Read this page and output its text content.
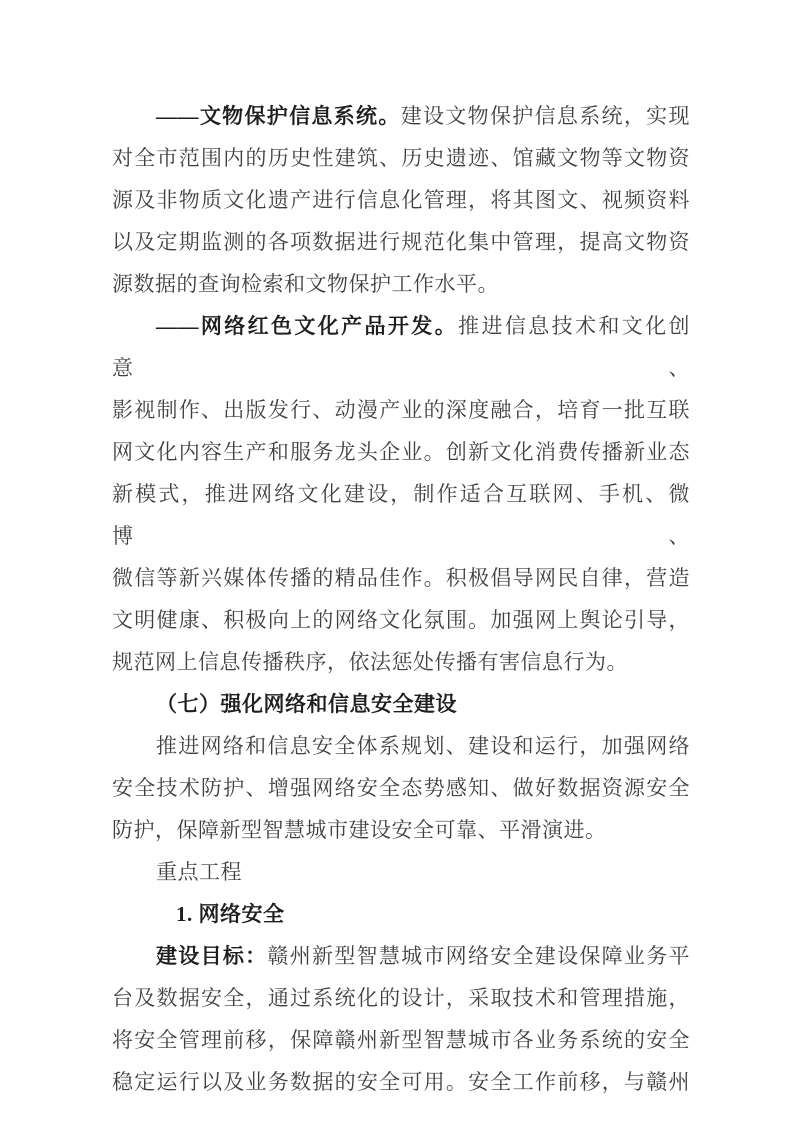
——文物保护信息系统。建设文物保护信息系统，实现
对全市范围内的历史性建筑、历史遗迹、馆藏文物等文物资
源及非物质文化遗产进行信息化管理，将其图文、视频资料
以及定期监测的各项数据进行规范化集中管理，提高文物资
源数据的查询检索和文物保护工作水平。
——网络红色文化产品开发。推进信息技术和文化创意、
影视制作、出版发行、动漫产业的深度融合，培育一批互联
网文化内容生产和服务龙头企业。创新文化消费传播新业态
新模式，推进网络文化建设，制作适合互联网、手机、微博、
微信等新兴媒体传播的精品佳作。积极倡导网民自律，营造
文明健康、积极向上的网络文化氛围。加强网上舆论引导，
规范网上信息传播秩序，依法惩处传播有害信息行为。
（七）强化网络和信息安全建设
推进网络和信息安全体系规划、建设和运行，加强网络
安全技术防护、增强网络安全态势感知、做好数据资源安全
防护，保障新型智慧城市建设安全可靠、平滑演进。
重点工程
1. 网络安全
建设目标：赣州新型智慧城市网络安全建设保障业务平
台及数据安全，通过系统化的设计，采取技术和管理措施，
将安全管理前移，保障赣州新型智慧城市各业务系统的安全
稳定运行以及业务数据的安全可用。安全工作前移，与赣州
